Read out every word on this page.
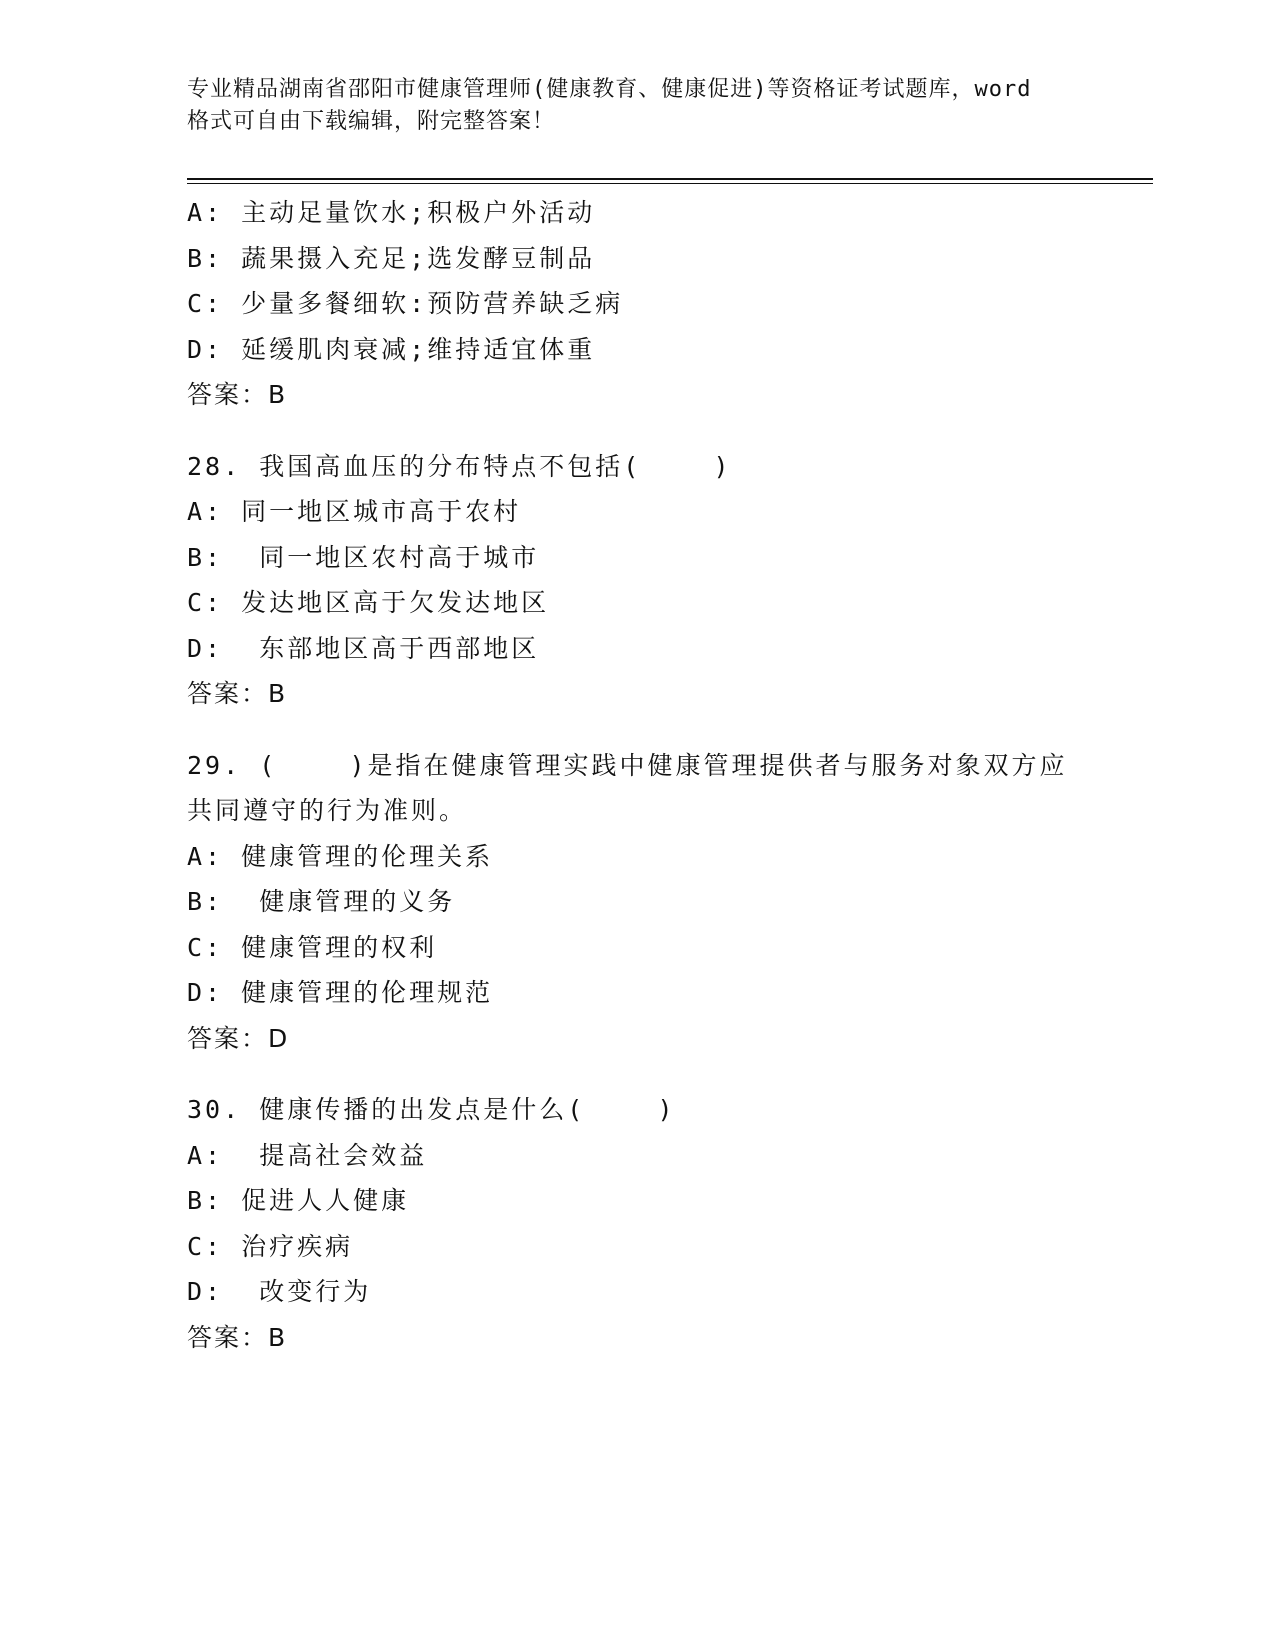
专业精品湖南省邵阳市健康管理师(健康教育、健康促进)等资格证考试题库，word
格式可自由下载编辑，附完整答案！
A: 主动足量饮水;积极户外活动
B: 蔬果摄入充足;选发酵豆制品
C: 少量多餐细软:预防营养缺乏病
D: 延缓肌肉衰减;维持适宜体重
答案：B
28. 我国高血压的分布特点不包括(    )
A: 同一地区城市高于农村
B:  同一地区农村高于城市
C: 发达地区高于欠发达地区
D:  东部地区高于西部地区
答案：B
29. (    )是指在健康管理实践中健康管理提供者与服务对象双方应
共同遵守的行为准则。
A: 健康管理的伦理关系
B:  健康管理的义务
C: 健康管理的权利
D: 健康管理的伦理规范
答案：D
30. 健康传播的出发点是什么(    )
A:  提高社会效益
B: 促进人人健康
C: 治疗疾病
D:  改变行为
答案：B
